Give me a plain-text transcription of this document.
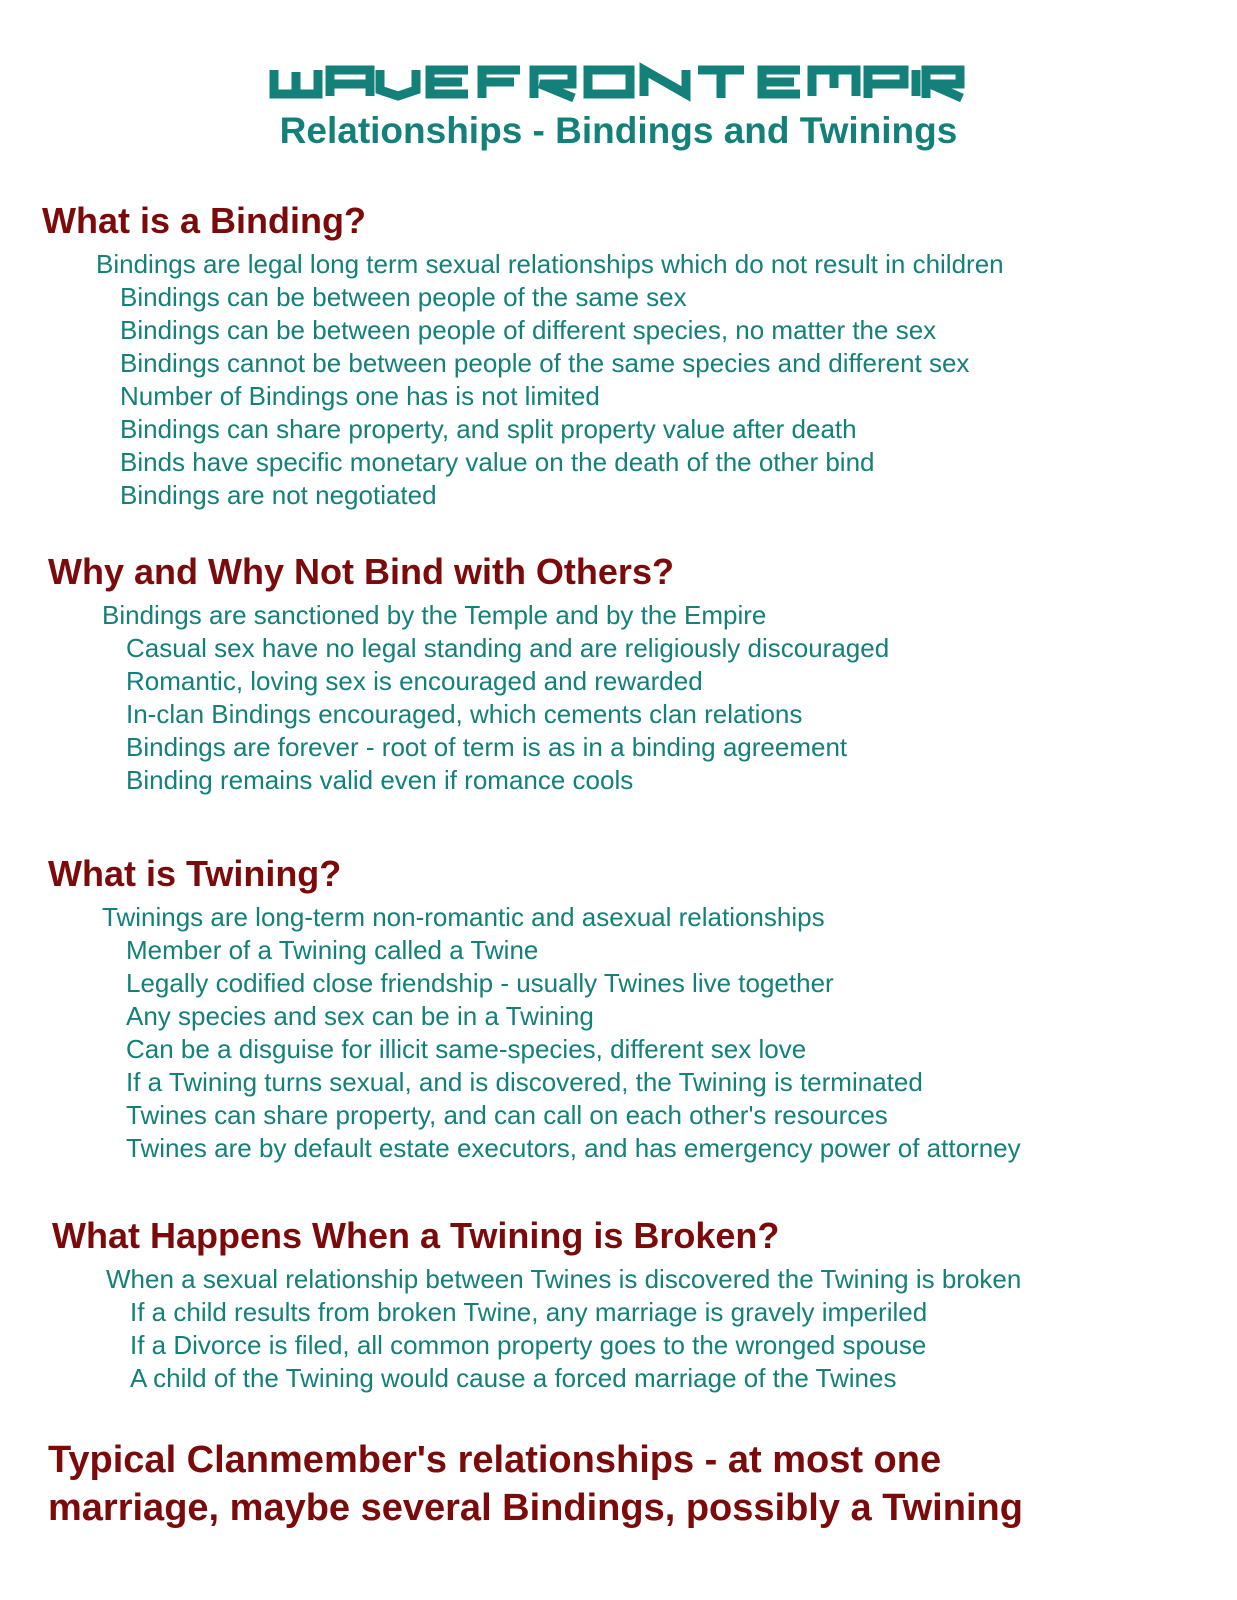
Relationships - Bindings and Twinings
What is a Binding?

Bindings are legal long term sexual relationships which do not result in children

Bindings can be between people of the same sex
Bindings can be between people of different species, no matter the sex
Bindings cannot be between people of the same species and different sex
Number of Bindings one has is not limited
Bindings can share property, and split property value after death
Binds have specific monetary value on the death of the other bind
Bindings are not negotiated
Why and Why Not Bind with Others?

Bindings are sanctioned by the Temple and by the Empire

Casual sex have no legal standing and are religiously discouraged
Romantic, loving sex is encouraged and rewarded
In-clan Bindings encouraged, which cements clan relations
Bindings are forever - root of term is as in a binding agreement
Binding remains valid even if romance cools
What is Twining?

Twinings are long-term non-romantic and asexual relationships

Member of a Twining called a Twine
Legally codified close friendship - usually Twines live together
Any species and sex can be in a Twining
Can be a disguise for illicit same-species, different sex love
If a Twining turns sexual, and is discovered, the Twining is terminated
Twines can share property, and can call on each other's resources
Twines are by default estate executors, and has emergency power of attorney
What Happens When a Twining is Broken?

When a sexual relationship between Twines is discovered the Twining is broken

If a child results from broken Twine, any marriage is gravely imperiled
If a Divorce is filed, all common property goes to the wronged spouse
A child of the Twining would cause a forced marriage of the Twines
Typical Clanmember's relationships - at most one
marriage, maybe several Bindings, possibly a Twining
